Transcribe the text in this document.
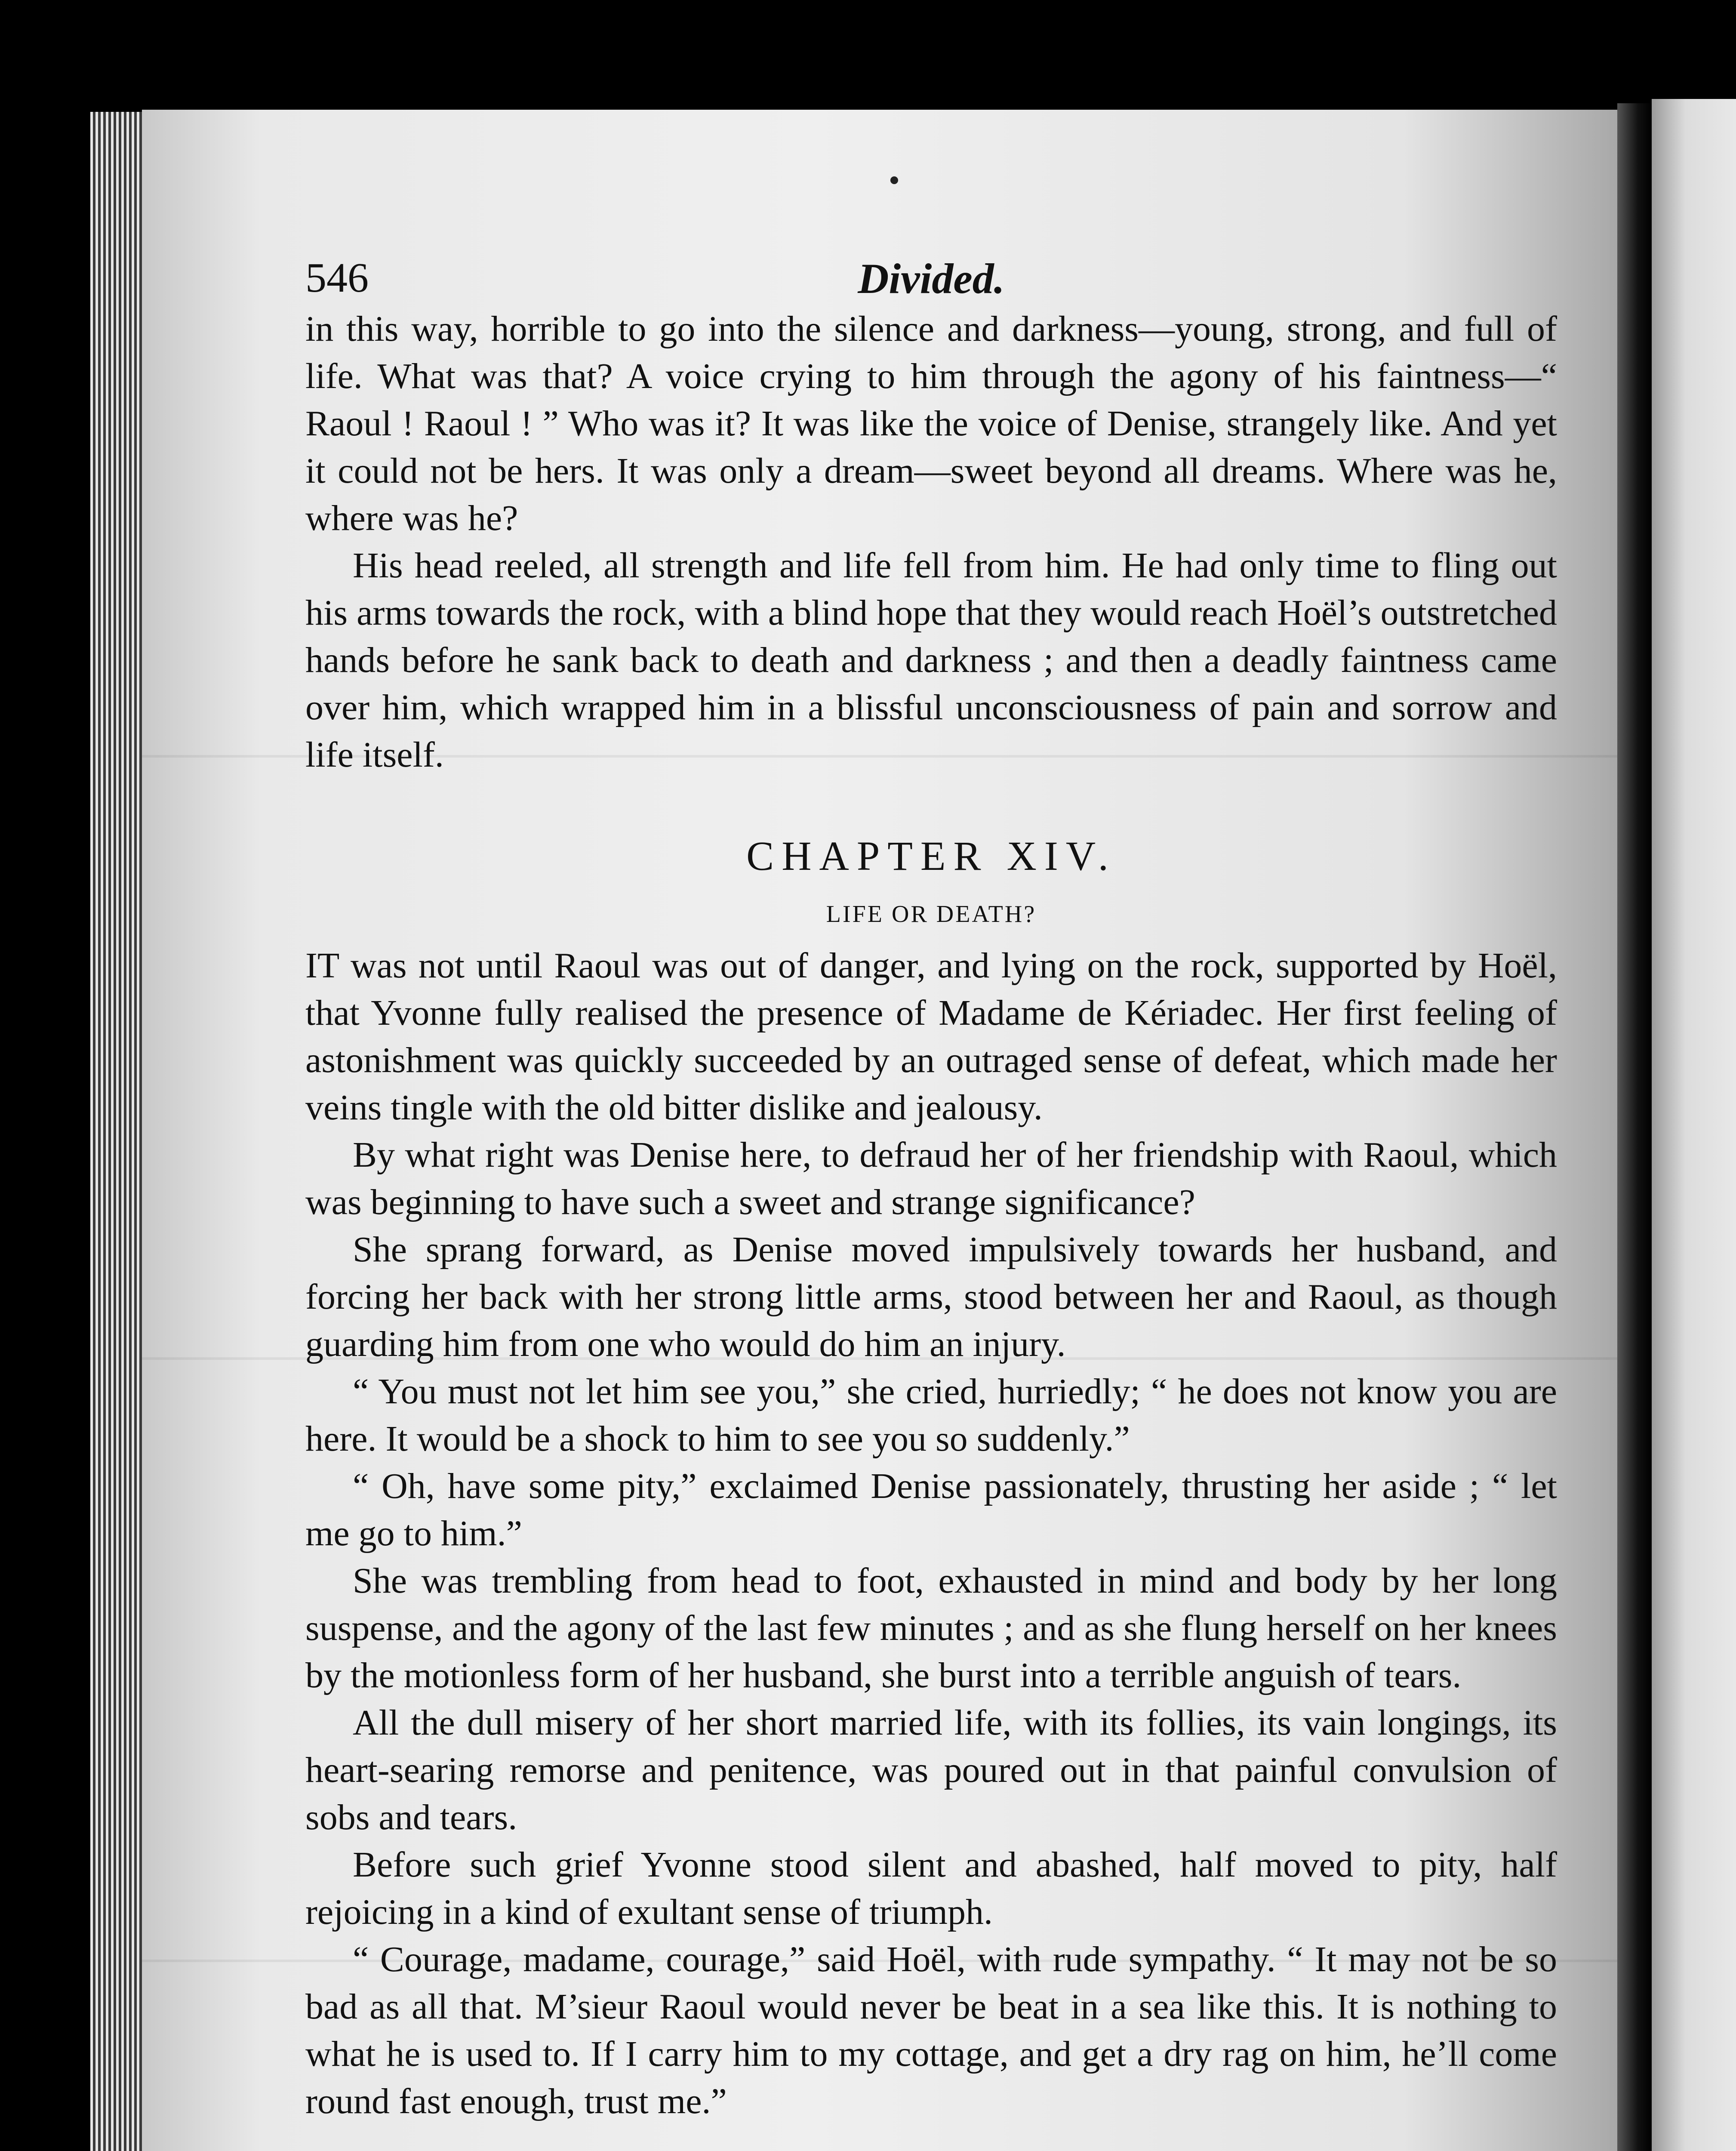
546	Divided.

in this way, horrible to go into the silence and darkness—young, strong, and full of life. What was that? A voice crying to him through the agony of his faintness—“ Raoul ! Raoul ! ” Who was it? It was like the voice of Denise, strangely like. And yet it could not be hers. It was only a dream—sweet beyond all dreams. Where was he, where was he?

His head reeled, all strength and life fell from him. He had only time to fling out his arms towards the rock, with a blind hope that they would reach Hoël’s outstretched hands before he sank back to death and darkness ; and then a deadly faintness came over him, which wrapped him in a blissful unconsciousness of pain and sorrow and life itself.

CHAPTER XIV.
LIFE OR DEATH?

IT was not until Raoul was out of danger, and lying on the rock, supported by Hoël, that Yvonne fully realised the presence of Madame de Kériadec. Her first feeling of astonishment was quickly succeeded by an outraged sense of defeat, which made her veins tingle with the old bitter dislike and jealousy.

By what right was Denise here, to defraud her of her friendship with Raoul, which was beginning to have such a sweet and strange significance?

She sprang forward, as Denise moved impulsively towards her husband, and forcing her back with her strong little arms, stood between her and Raoul, as though guarding him from one who would do him an injury.

“ You must not let him see you,” she cried, hurriedly; “ he does not know you are here. It would be a shock to him to see you so suddenly.”

“ Oh, have some pity,” exclaimed Denise passionately, thrusting her aside ; “ let me go to him.”

She was trembling from head to foot, exhausted in mind and body by her long suspense, and the agony of the last few minutes ; and as she flung herself on her knees by the motionless form of her husband, she burst into a terrible anguish of tears.

All the dull misery of her short married life, with its follies, its vain longings, its heart-searing remorse and penitence, was poured out in that painful convulsion of sobs and tears.

Before such grief Yvonne stood silent and abashed, half moved to pity, half rejoicing in a kind of exultant sense of triumph.

“ Courage, madame, courage,” said Hoël, with rude sympathy. “ It may not be so bad as all that. M’sieur Raoul would never be beat in a sea like this. It is nothing to what he is used to. If I carry him to my cottage, and get a dry rag on him, he’ll come round fast enough, trust me.”
